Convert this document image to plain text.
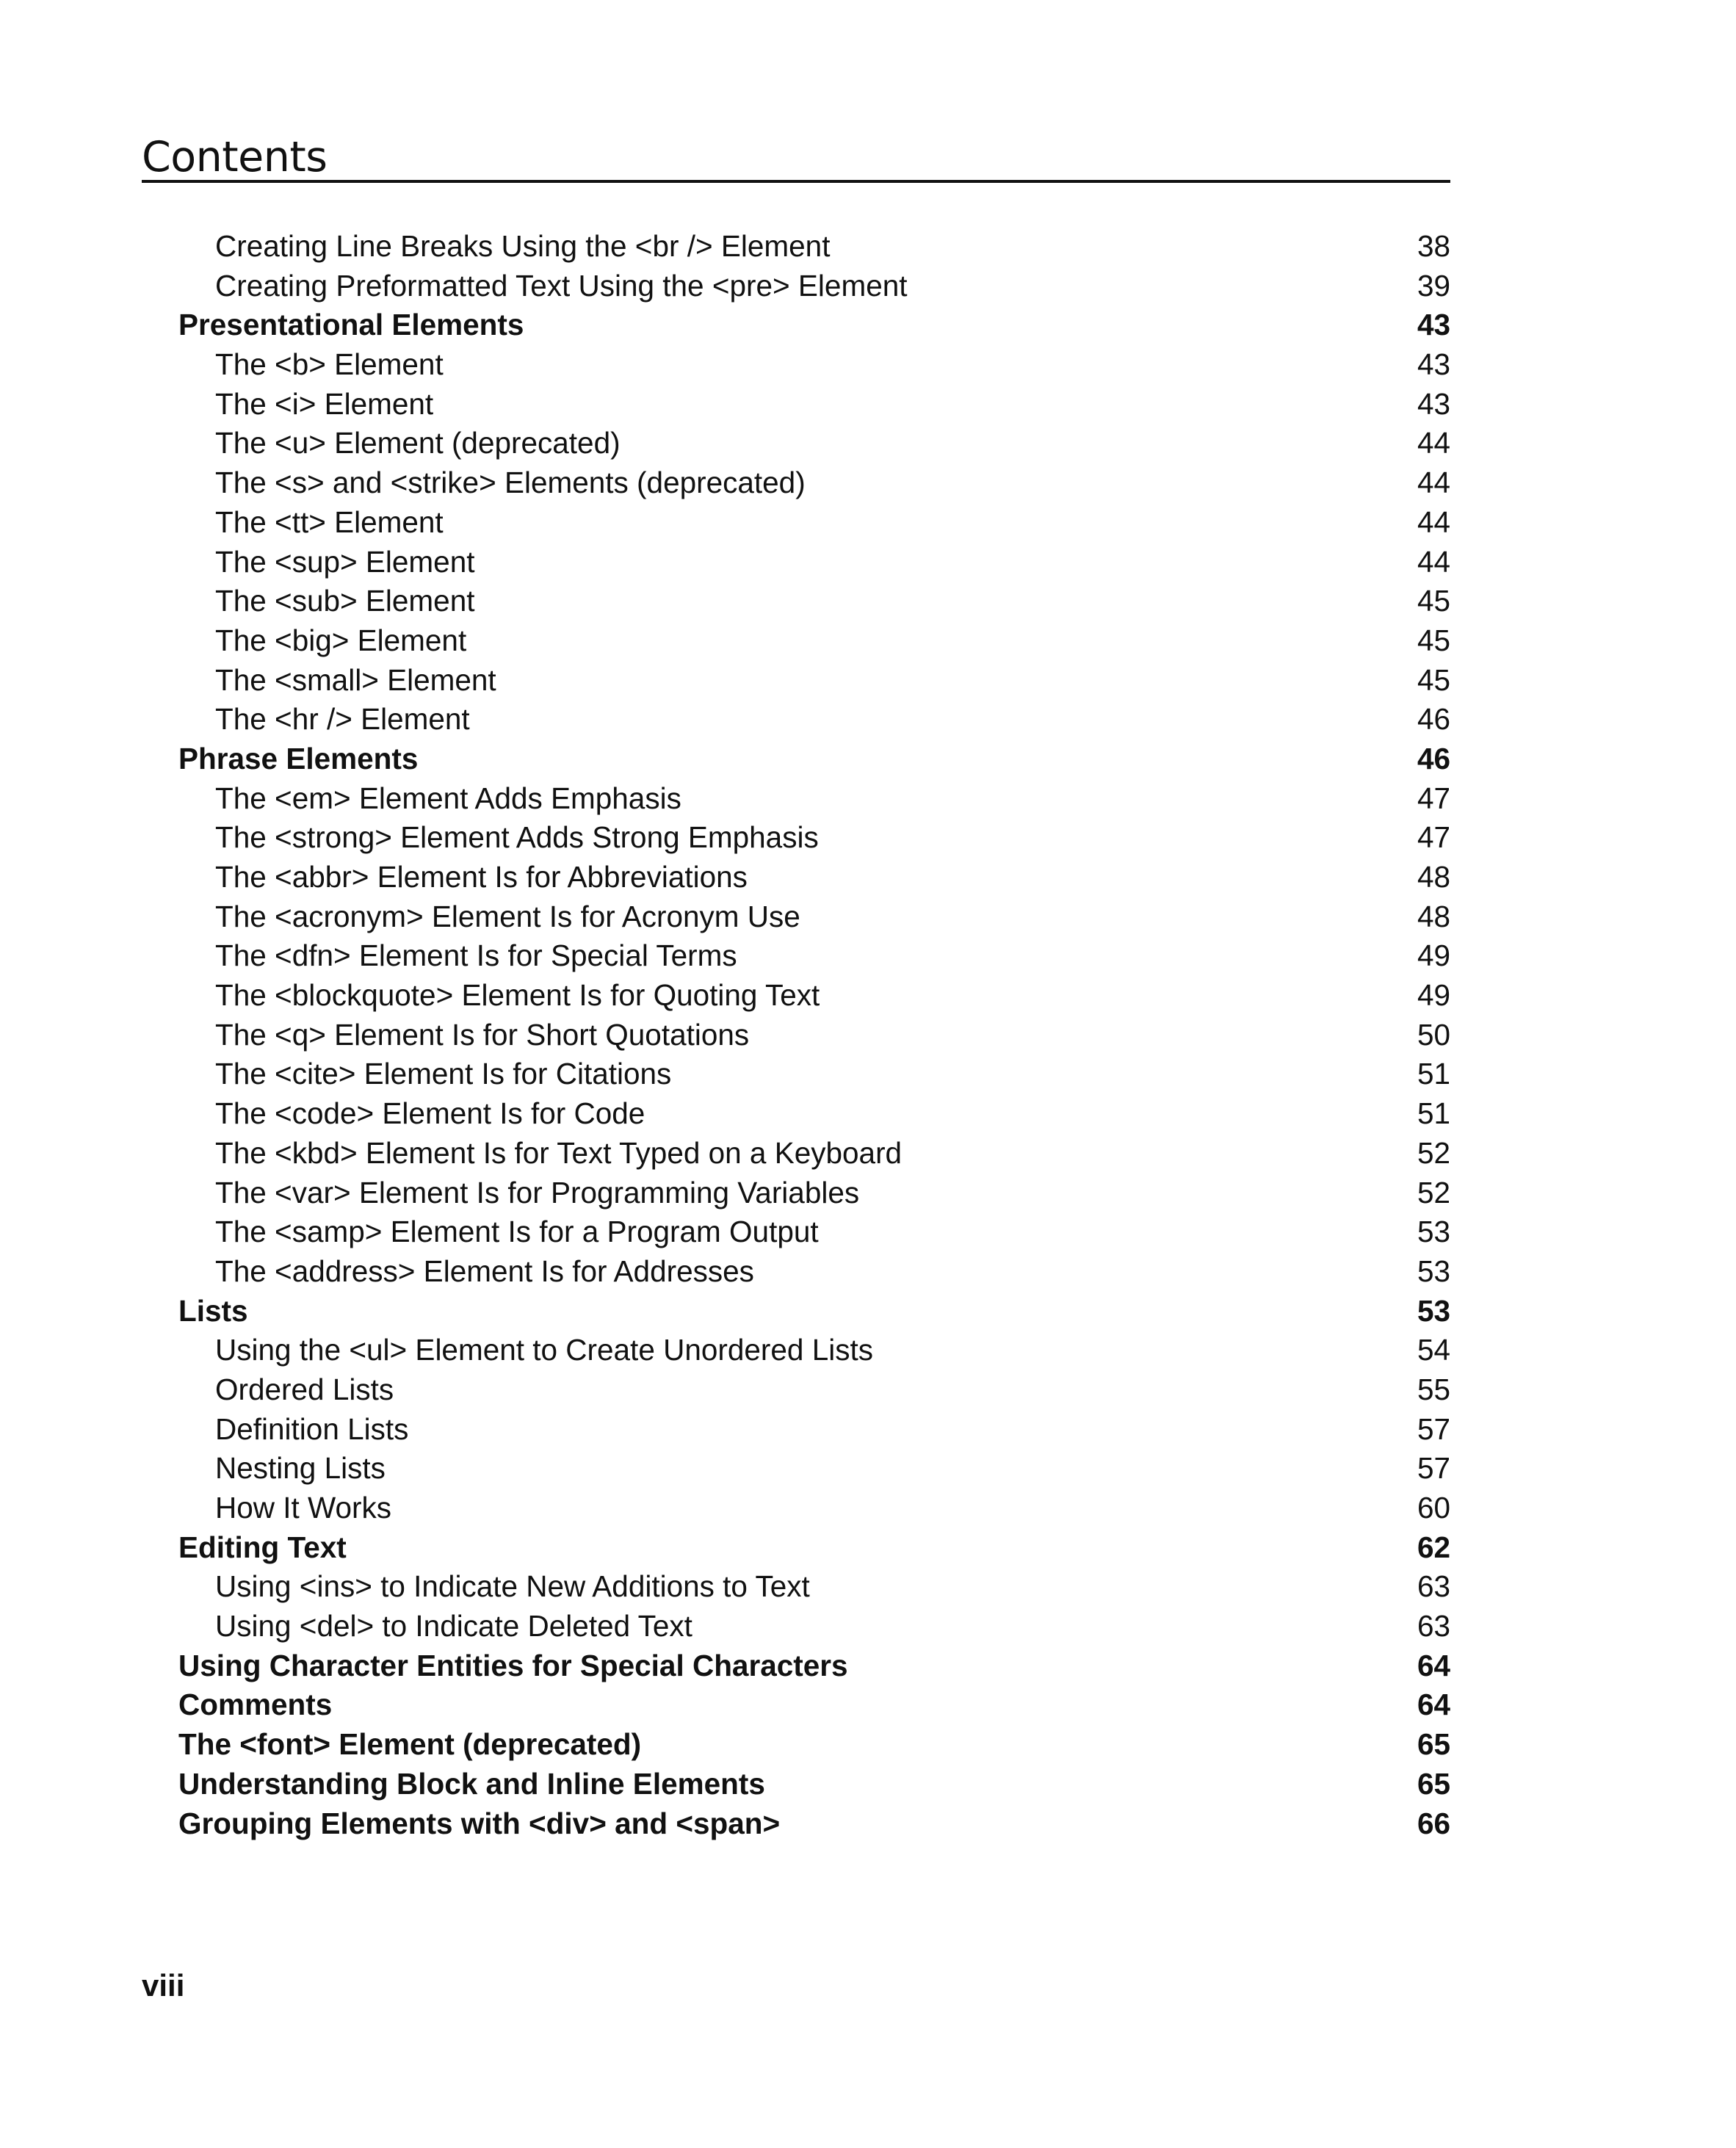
Contents
Creating Line Breaks Using the <br /> Element	38
Creating Preformatted Text Using the <pre> Element	39
Presentational Elements	43
The <b> Element	43
The <i> Element	43
The <u> Element (deprecated)	44
The <s> and <strike> Elements (deprecated)	44
The <tt> Element	44
The <sup> Element	44
The <sub> Element	45
The <big> Element	45
The <small> Element	45
The <hr /> Element	46
Phrase Elements	46
The <em> Element Adds Emphasis	47
The <strong> Element Adds Strong Emphasis	47
The <abbr> Element Is for Abbreviations	48
The <acronym> Element Is for Acronym Use	48
The <dfn> Element Is for Special Terms	49
The <blockquote> Element Is for Quoting Text	49
The <q> Element Is for Short Quotations	50
The <cite> Element Is for Citations	51
The <code> Element Is for Code	51
The <kbd> Element Is for Text Typed on a Keyboard	52
The <var> Element Is for Programming Variables	52
The <samp> Element Is for a Program Output	53
The <address> Element Is for Addresses	53
Lists	53
Using the <ul> Element to Create Unordered Lists	54
Ordered Lists	55
Definition Lists	57
Nesting Lists	57
How It Works	60
Editing Text	62
Using <ins> to Indicate New Additions to Text	63
Using <del> to Indicate Deleted Text	63
Using Character Entities for Special Characters	64
Comments	64
The <font> Element (deprecated)	65
Understanding Block and Inline Elements	65
Grouping Elements with <div> and <span>	66
viii
